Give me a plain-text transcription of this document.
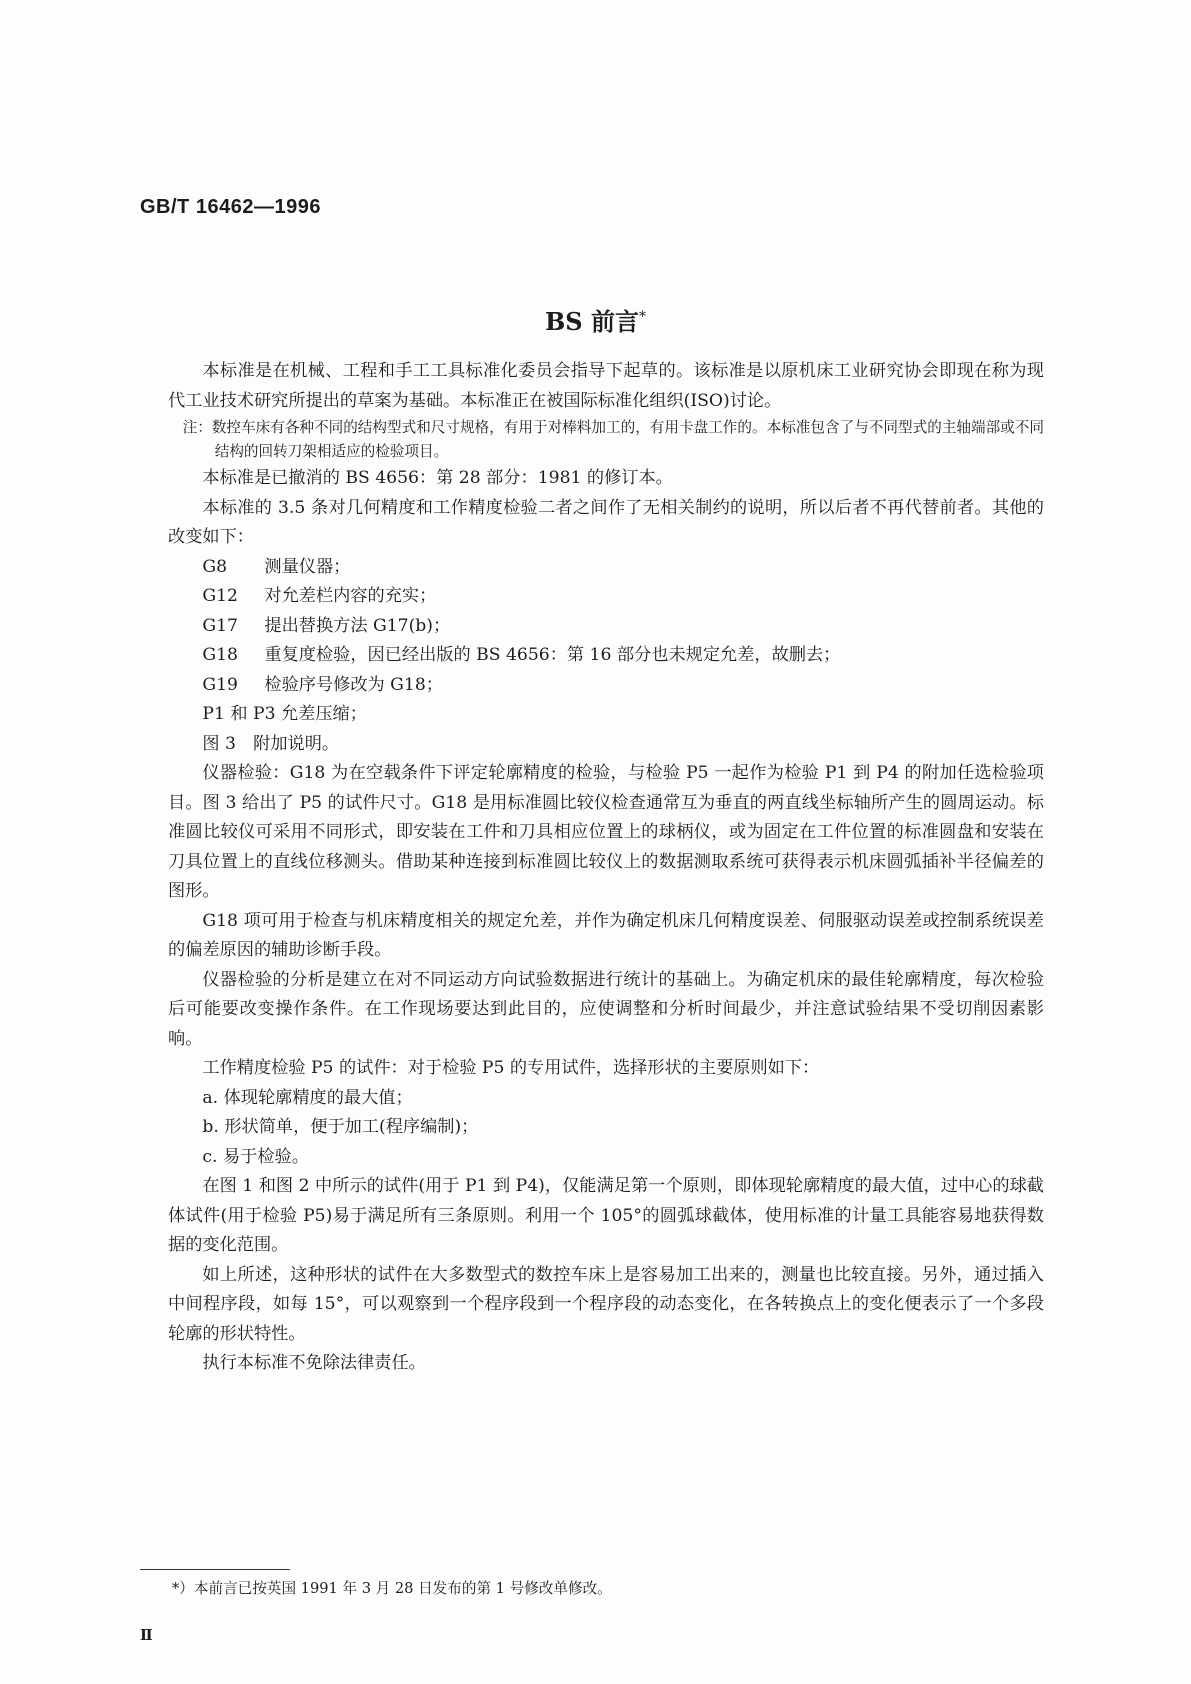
GB/T 16462—1996
BS 前言*

本标准是在机械、工程和手工工具标准化委员会指导下起草的。该标准是以原机床工业研究协会即现在称为现代工业技术研究所提出的草案为基础。本标准正在被国际标准化组织(ISO)讨论。

注：数控车床有各种不同的结构型式和尺寸规格，有用于对棒料加工的，有用卡盘工作的。本标准包含了与不同型式的主轴端部或不同结构的回转刀架相适应的检验项目。

本标准是已撤消的 BS 4656：第 28 部分：1981 的修订本。

本标准的 3.5 条对几何精度和工作精度检验二者之间作了无相关制约的说明，所以后者不再代替前者。其他的改变如下：

G8 测量仪器；

G12 对允差栏内容的充实；

G17 提出替换方法 G17(b)；

G18 重复度检验，因已经出版的 BS 4656：第 16 部分也未规定允差，故删去；

G19 检验序号修改为 G18；

P1 和 P3 允差压缩；

图 3　附加说明。

仪器检验：G18 为在空载条件下评定轮廓精度的检验，与检验 P5 一起作为检验 P1 到 P4 的附加任选检验项目。图 3 给出了 P5 的试件尺寸。G18 是用标准圆比较仪检查通常互为垂直的两直线坐标轴所产生的圆周运动。标准圆比较仪可采用不同形式，即安装在工件和刀具相应位置上的球柄仪，或为固定在工件位置的标准圆盘和安装在刀具位置上的直线位移测头。借助某种连接到标准圆比较仪上的数据测取系统可获得表示机床圆弧插补半径偏差的图形。

G18 项可用于检查与机床精度相关的规定允差，并作为确定机床几何精度误差、伺服驱动误差或控制系统误差的偏差原因的辅助诊断手段。

仪器检验的分析是建立在对不同运动方向试验数据进行统计的基础上。为确定机床的最佳轮廓精度，每次检验后可能要改变操作条件。在工作现场要达到此目的，应使调整和分析时间最少，并注意试验结果不受切削因素影响。

工作精度检验 P5 的试件：对于检验 P5 的专用试件，选择形状的主要原则如下：

a. 体现轮廓精度的最大值；

b. 形状简单，便于加工(程序编制)；

c. 易于检验。

在图 1 和图 2 中所示的试件(用于 P1 到 P4)，仅能满足第一个原则，即体现轮廓精度的最大值，过中心的球截体试件(用于检验 P5)易于满足所有三条原则。利用一个 105°的圆弧球截体，使用标准的计量工具能容易地获得数据的变化范围。

如上所述，这种形状的试件在大多数型式的数控车床上是容易加工出来的，测量也比较直接。另外，通过插入中间程序段，如每 15°，可以观察到一个程序段到一个程序段的动态变化，在各转换点上的变化便表示了一个多段轮廓的形状特性。

执行本标准不免除法律责任。

*）本前言已按英国 1991 年 3 月 28 日发布的第 1 号修改单修改。
Ⅱ
